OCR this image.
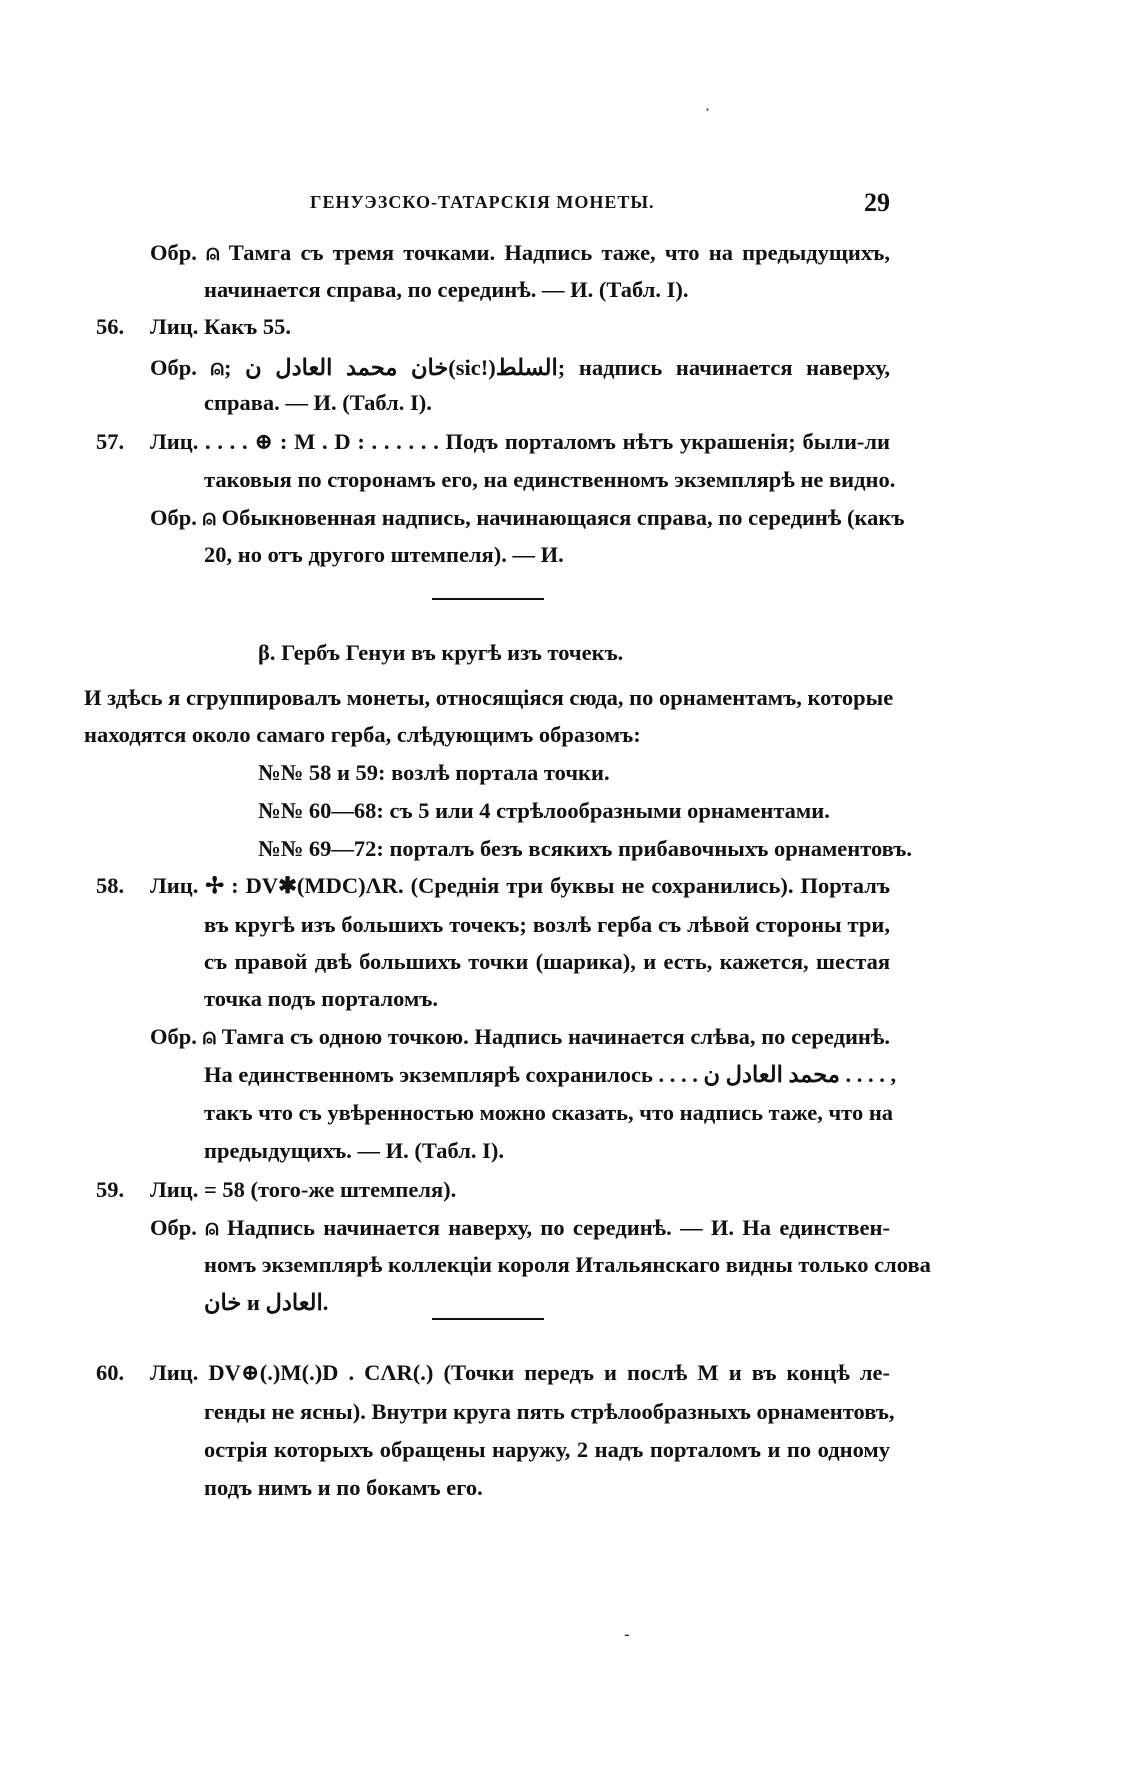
ГЕНУЭЗСКО-ТАТАРСКІЯ МОНЕТЫ.	29
Обр. ⍝ Тамга съ тремя точками. Надпись таже, что на предыдущихъ,
начинается справа, по серединѣ. — И. (Табл. I).
56. Лиц. Какъ 55.
Обр. ⍝; خان محمد العادل ن(sic!)السلط; надпись начинается наверху,
справа. — И. (Табл. I).
57. Лиц. . . . . ⊕ : M . D : . . . . . . Подъ порталомъ нѣтъ украшенія; были-ли
таковыя по сторонамъ его, на единственномъ экземплярѣ не видно.
Обр. ⍝ Обыкновенная надпись, начинающаяся справа, по серединѣ (какъ
20, но отъ другого штемпеля). — И.
β. Гербъ Генуи въ кругѣ изъ точекъ.
И здѣсь я сгруппировалъ монеты, относящіяся сюда, по орнаментамъ, которые
находятся около самаго герба, слѣдующимъ образомъ:
№№ 58 и 59: возлѣ портала точки.
№№ 60—68: съ 5 или 4 стрѣлообразными орнаментами.
№№ 69—72: порталъ безъ всякихъ прибавочныхъ орнаментовъ.
58. Лиц. ✢ : DV✱(MDC)ΛR. (Среднія три буквы не сохранились). Порталъ
въ кругѣ изъ большихъ точекъ; возлѣ герба съ лѣвой стороны три,
съ правой двѣ большихъ точки (шарика), и есть, кажется, шестая
точка подъ порталомъ.
Обр. ⍝ Тамга съ одною точкою. Надпись начинается слѣва, по серединѣ.
На единственномъ экземплярѣ сохранилось . . . . محمد العادل ن . . . . ,
такъ что съ увѣренностью можно сказать, что надпись таже, что на
предыдущихъ. — И. (Табл. I).
59. Лиц. = 58 (того-же штемпеля).
Обр. ⍝ Надпись начинается наверху, по серединѣ. — И. На единствен-
номъ экземплярѣ коллекціи короля Итальянскаго видны только слова
خان и العادل.
60. Лиц. DV⊕(.)M(.)D . CΛR(.) (Точки передъ и послѣ M и въ концѣ ле-
генды не ясны). Внутри круга пять стрѣлообразныхъ орнаментовъ,
острія которыхъ обращены наружу, 2 надъ порталомъ и по одному
подъ нимъ и по бокамъ его.
·
-
